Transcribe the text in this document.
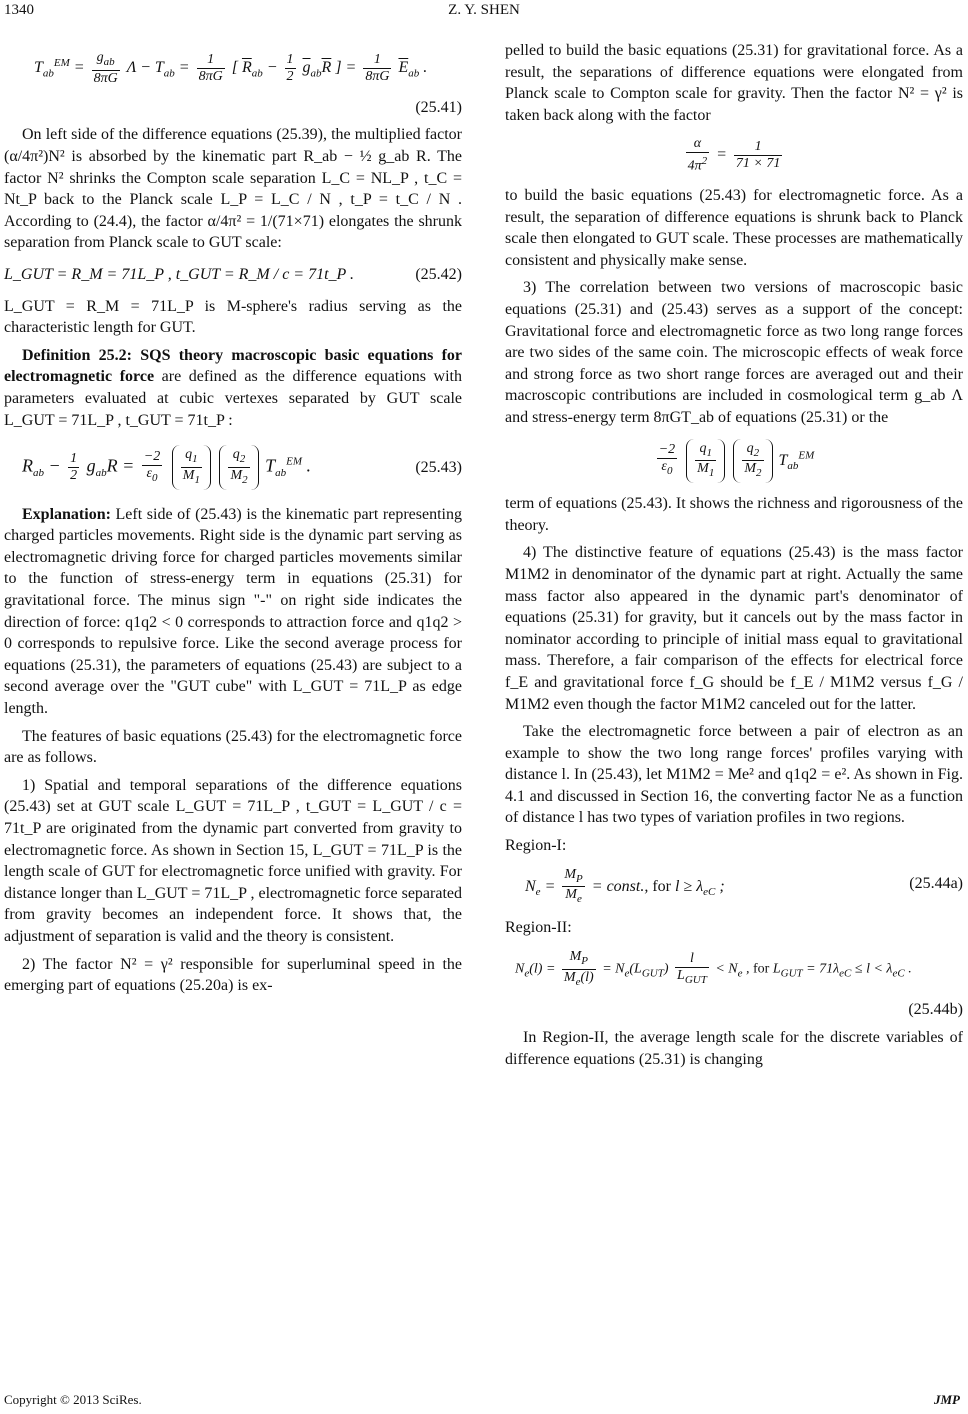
1340	Z. Y. SHEN
$T_{ab}^{EM} = \frac{g_{ab}}{8\pi G}$ $\Lambda - T_{ab} = \frac{1}{8\pi G}$ [ $\overline{R}_{ab} - \frac{1}{2} \overline{g}_{ab}\overline{R}$ ] = $\frac{1}{8\pi G} \overline{E}_{ab}$ .
(25.41)

On left side of the difference equations (25.39), the multiplied factor (α/4π²)N² is absorbed by the kinematic part R_ab − ½ g_ab R. The factor N² shrinks the Compton scale separation L_C = NL_P , t_C = Nt_P back to the Planck scale L_P = L_C / N , t_P = t_C / N . According to (24.4), the factor α/4π² = 1/(71×71) elongates the shrunk separation from Planck scale to GUT scale:

L_GUT = R_M = 71L_P , t_GUT = R_M / c = 71t_P .	(25.42)

L_GUT = R_M = 71L_P is M-sphere's radius serving as the characteristic length for GUT.

Definition 25.2: SQS theory macroscopic basic equations for electromagnetic force are defined as the difference equations with parameters evaluated at cubic vertexes separated by GUT scale L_GUT = 71L_P , t_GUT = 71t_P :

$R_{ab} - \frac{1}{2} g_{ab}R = \frac{-2}{\varepsilon_0}$
$\frac{q_1}{M_1}$
$\frac{q_2}{M_2} T_{ab}^{EM}$ .	(25.43)

Explanation: Left side of (25.43) is the kinematic part representing charged particles movements. Right side is the dynamic part serving as electromagnetic driving force for charged particles movements similar to the function of stress-energy term in equations (25.31) for gravitational force. The minus sign "-" on right side indicates the direction of force: q1q2 < 0 corresponds to attraction force and q1q2 > 0 corresponds to repulsive force. Like the second average process for equations (25.31), the parameters of equations (25.43) are subject to a second average over the "GUT cube" with L_GUT = 71L_P as edge length.

The features of basic equations (25.43) for the electromagnetic force are as follows.

1) Spatial and temporal separations of the difference equations (25.43) set at GUT scale L_GUT = 71L_P , t_GUT = L_GUT / c = 71t_P are originated from the dynamic part converted from gravity to electromagnetic force. As shown in Section 15, L_GUT = 71L_P is the length scale of GUT for electromagnetic force unified with gravity. For distance longer than L_GUT = 71L_P , electromagnetic force separated from gravity becomes an independent force. It shows that, the adjustment of separation is valid and the theory is consistent.

2) The factor N² = γ² responsible for superluminal speed in the emerging part of equations (25.20a) is ex-

pelled to build the basic equations (25.31) for gravitational force. As a result, the separations of difference equations were elongated from Planck scale to Compton scale for gravity. Then the factor N² = γ² is taken back along with the factor

$\frac{\alpha}{4\pi^2} = \frac{1}{71 \times 71}$

to build the basic equations (25.43) for electromagnetic force. As a result, the separation of difference equations is shrunk back to Planck scale then elongated to GUT scale. These processes are mathematically consistent and physically make sense.

3) The correlation between two versions of macroscopic basic equations (25.31) and (25.43) serves as a support of the concept: Gravitational force and electromagnetic force as two long range forces are two sides of the same coin. The microscopic effects of weak force and strong force as two short range forces are averaged out and their macroscopic contributions are included in cosmological term g_ab Λ and stress-energy term 8πGT_ab of equations (25.31) or the

$\frac{-2}{\varepsilon_0}$
$\frac{q_1}{M_1}$
$\frac{q_2}{M_2} T_{ab}^{EM}$

term of equations (25.43). It shows the richness and rigorousness of the theory.

4) The distinctive feature of equations (25.43) is the mass factor M1M2 in denominator of the dynamic part at right. Actually the same mass factor also appeared in the dynamic part's denominator of equations (25.31) for gravity, but it cancels out by the mass factor in nominator according to principle of initial mass equal to gravitational mass. Therefore, a fair comparison of the effects for electrical force f_E and gravitational force f_G should be f_E / M1M2 versus f_G / M1M2 even though the factor M1M2 canceled out for the latter.

Take the electromagnetic force between a pair of electron as an example to show the two long range forces' profiles varying with distance l. In (25.43), let M1M2 = Me² and q1q2 = e². As shown in Fig. 4.1 and discussed in Section 16, the converting factor Ne as a function of distance l has two types of variation profiles in two regions.

Region-I:
$N_e = \frac{M_P}{M_e}$ = const., for $l \ge \lambda_{eC}$ ;	(25.44a)
Region-II:
$N_e(l) = \frac{M_P}{M_e(l)} = N_e(L_{GUT}) \frac{l}{L_{GUT}} < N_e$ , for $L_{GUT} = 71\lambda_{eC} \le l < \lambda_{eC}$ .
(25.44b)

In Region-II, the average length scale for the discrete variables of difference equations (25.31) is changing

Copyright © 2013 SciRes.	JMP
